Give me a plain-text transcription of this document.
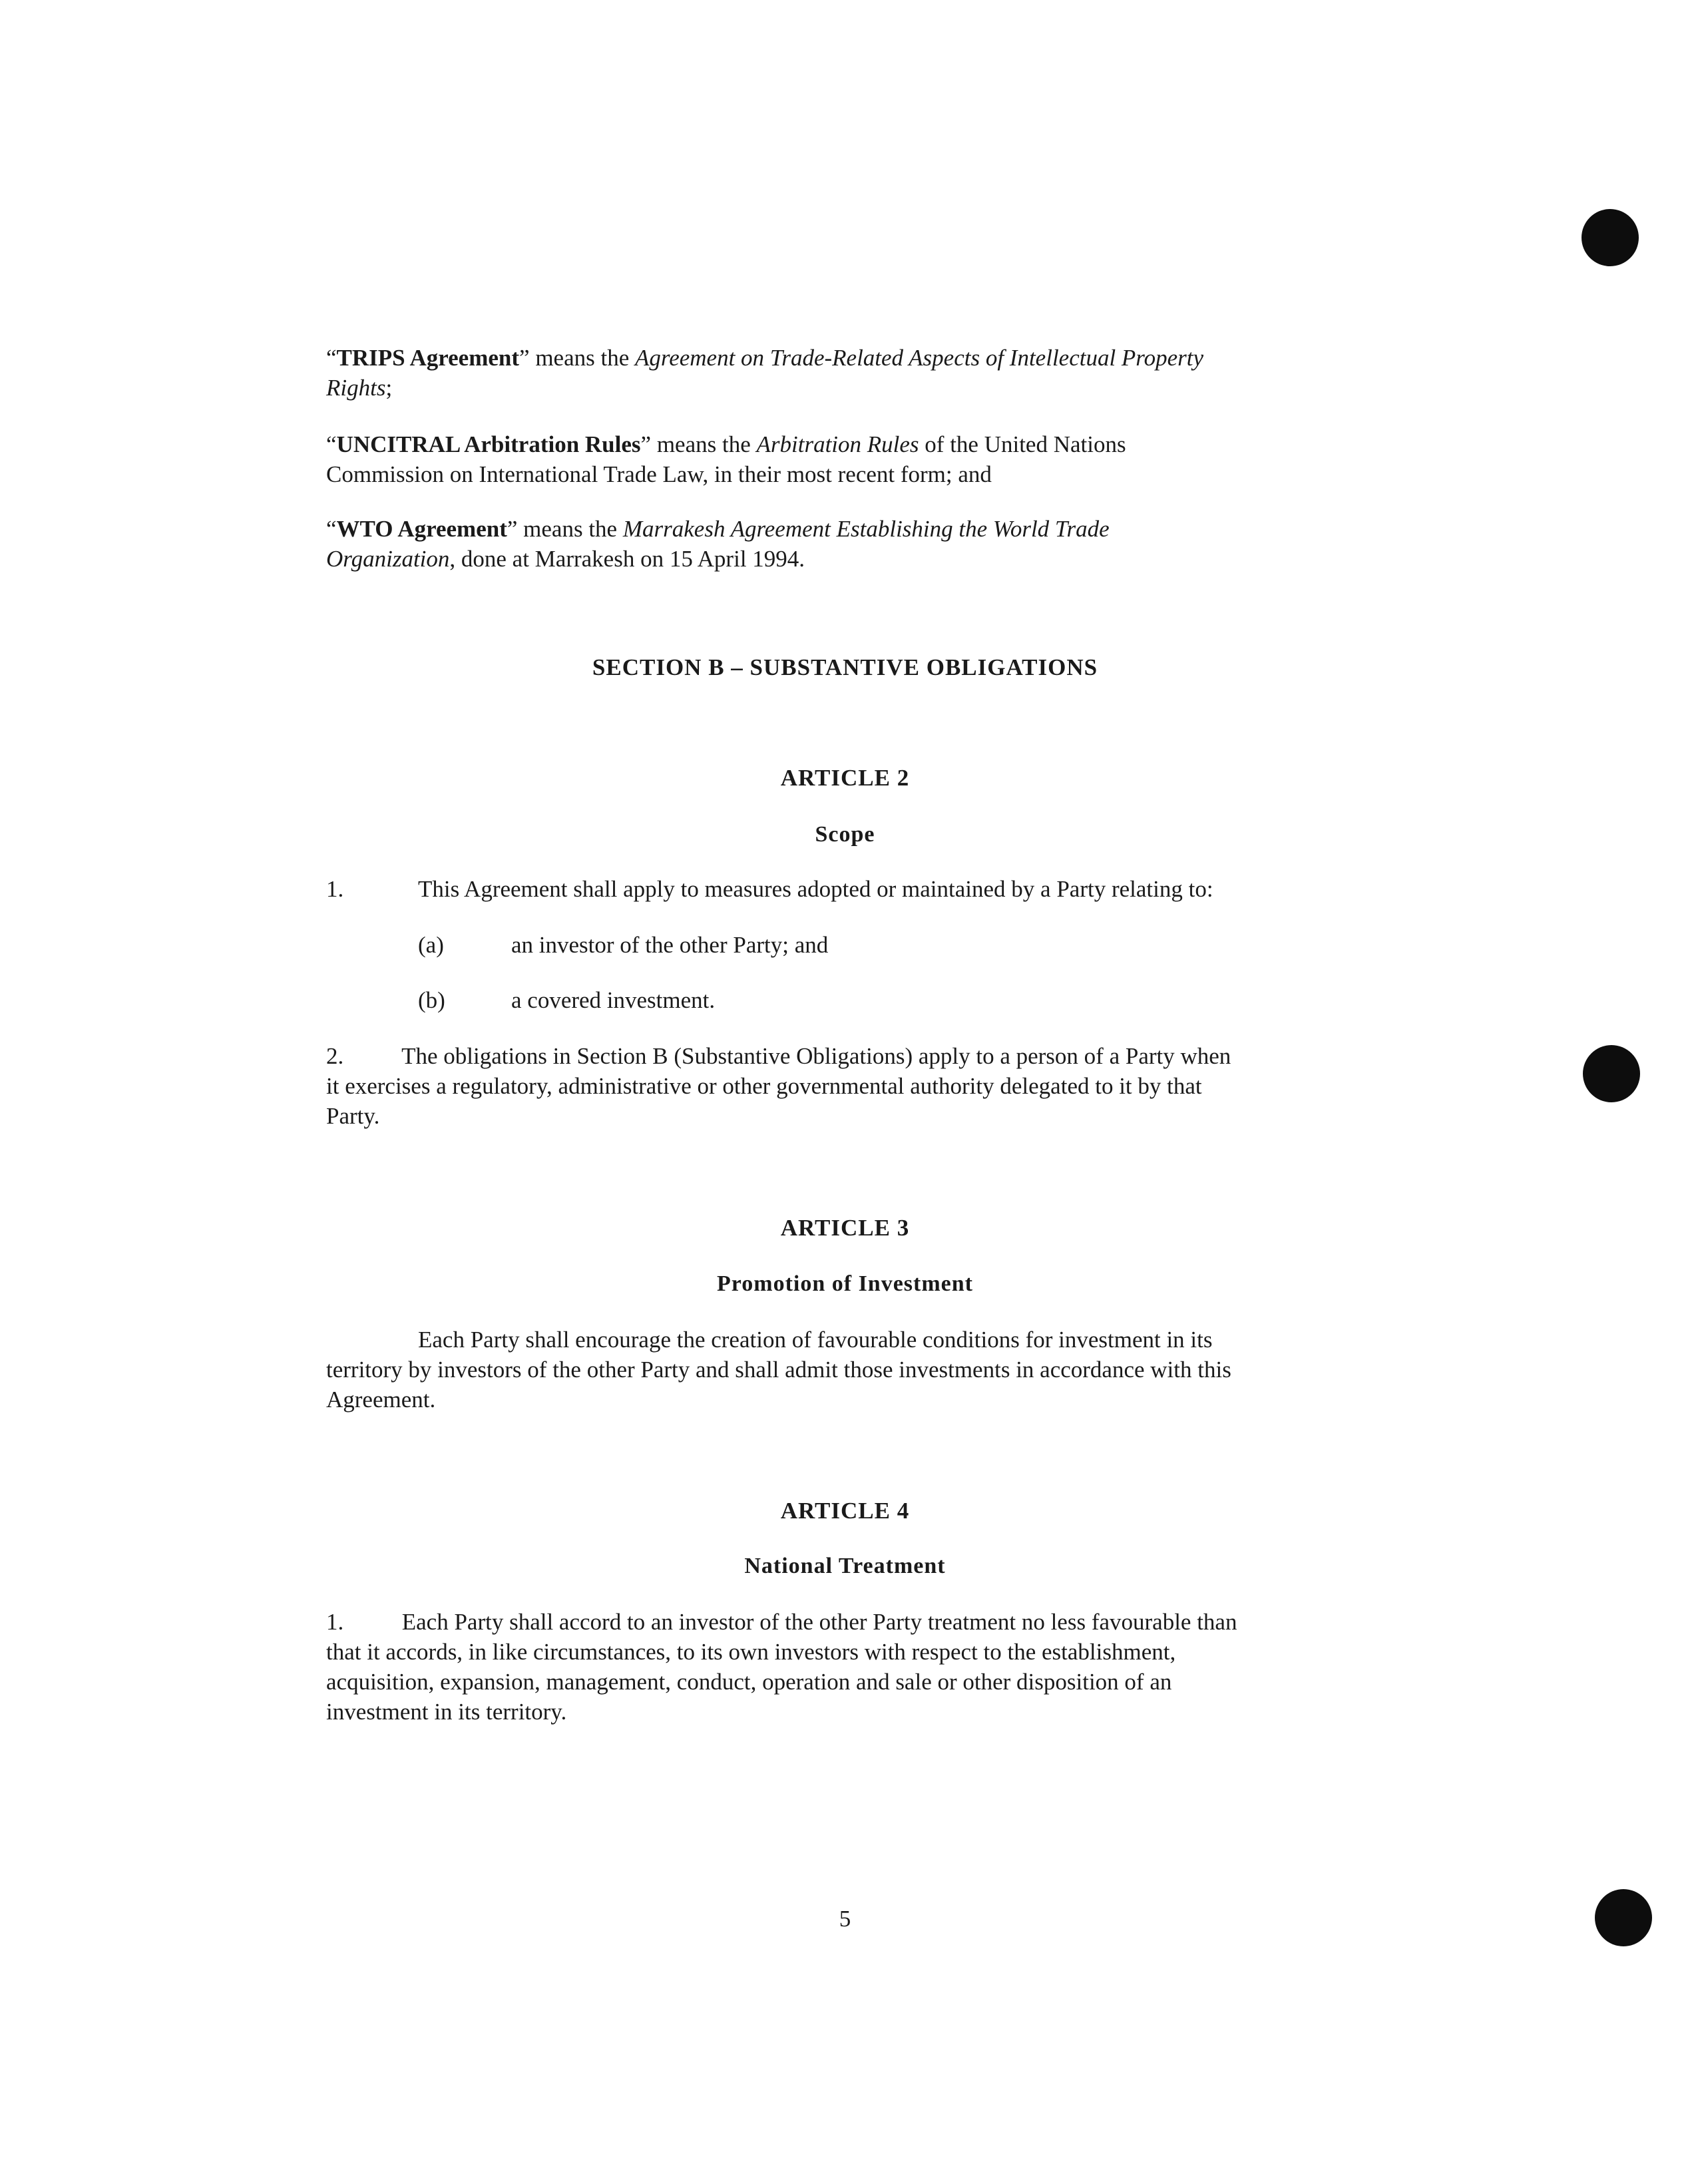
“TRIPS Agreement” means the Agreement on Trade-Related Aspects of Intellectual Property
Rights;

“UNCITRAL Arbitration Rules” means the Arbitration Rules of the United Nations
Commission on International Trade Law, in their most recent form; and

“WTO Agreement” means the Marrakesh Agreement Establishing the World Trade
Organization, done at Marrakesh on 15 April 1994.

SECTION B – SUBSTANTIVE OBLIGATIONS

ARTICLE 2

Scope

1.	This Agreement shall apply to measures adopted or maintained by a Party relating to:
(a)	an investor of the other Party; and
(b)	a covered investment.
2.          The obligations in Section B (Substantive Obligations) apply to a person of a Party when
it exercises a regulatory, administrative or other governmental authority delegated to it by that
Party.

ARTICLE 3

Promotion of Investment

Each Party shall encourage the creation of favourable conditions for investment in its
territory by investors of the other Party and shall admit those investments in accordance with this
Agreement.

ARTICLE 4

National Treatment

1.          Each Party shall accord to an investor of the other Party treatment no less favourable than
that it accords, in like circumstances, to its own investors with respect to the establishment,
acquisition, expansion, management, conduct, operation and sale or other disposition of an
investment in its territory.
5
